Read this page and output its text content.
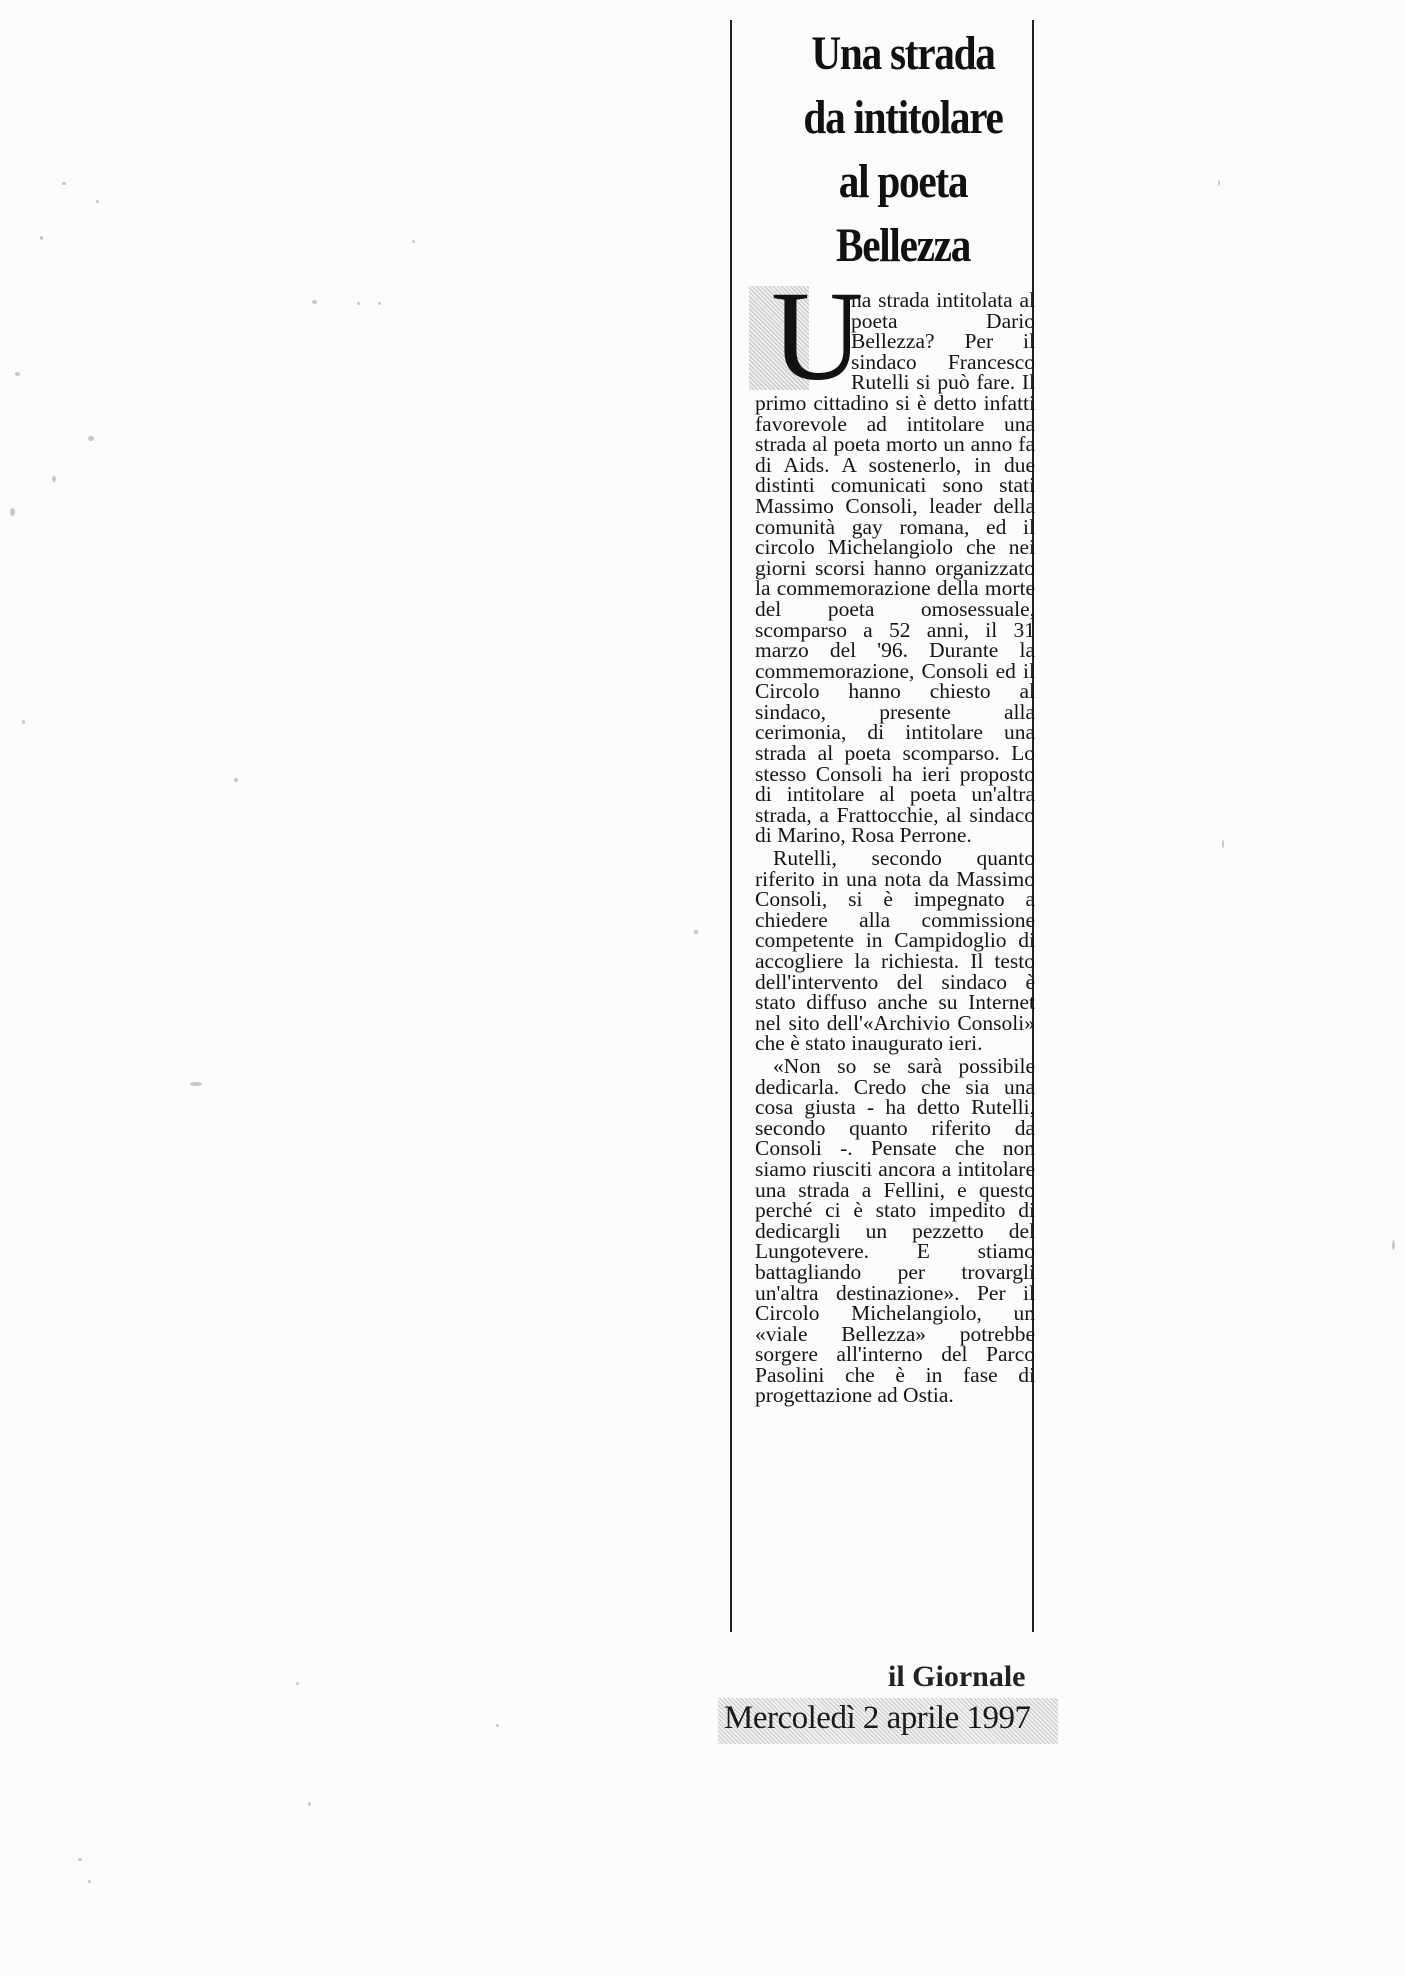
Una strada
da intitolare
al poeta
Bellezza
U

na strada intitolata al poeta Dario Bellezza? Per il sindaco Francesco Rutelli si può fare. Il primo cittadino si è detto infatti favorevole ad intitolare una strada al poeta morto un anno fa di Aids. A sostenerlo, in due distinti comunicati sono stati Massimo Consoli, leader della comunità gay romana, ed il circolo Michelangiolo che nei giorni scorsi hanno organizzato la commemorazione della morte del poeta omosessuale, scomparso a 52 anni, il 31 marzo del '96. Durante la commemorazione, Consoli ed il Circolo hanno chiesto al sindaco, presente alla cerimonia, di intitolare una strada al poeta scomparso. Lo stesso Consoli ha ieri proposto di intitolare al poeta un'altra strada, a Frattocchie, al sindaco di Marino, Rosa Perrone.

Rutelli, secondo quanto riferito in una nota da Massimo Consoli, si è impegnato a chiedere alla commissione competente in Campidoglio di accogliere la richiesta. Il testo dell'intervento del sindaco è stato diffuso anche su Internet nel sito dell'«Archivio Consoli» che è stato inaugurato ieri.

«Non so se sarà possibile dedicarla. Credo che sia una cosa giusta - ha detto Rutelli, secondo quanto riferito da Consoli -. Pensate che non siamo riusciti ancora a intitolare una strada a Fellini, e questo perché ci è stato impedito di dedicargli un pezzetto del Lungotevere. E stiamo battagliando per trovargli un'altra destinazione». Per il Circolo Michelangiolo, un «viale Bellezza» potrebbe sorgere all'interno del Parco Pasolini che è in fase di progettazione ad Ostia.

il Giornale
Mercoledì 2 aprile 1997
